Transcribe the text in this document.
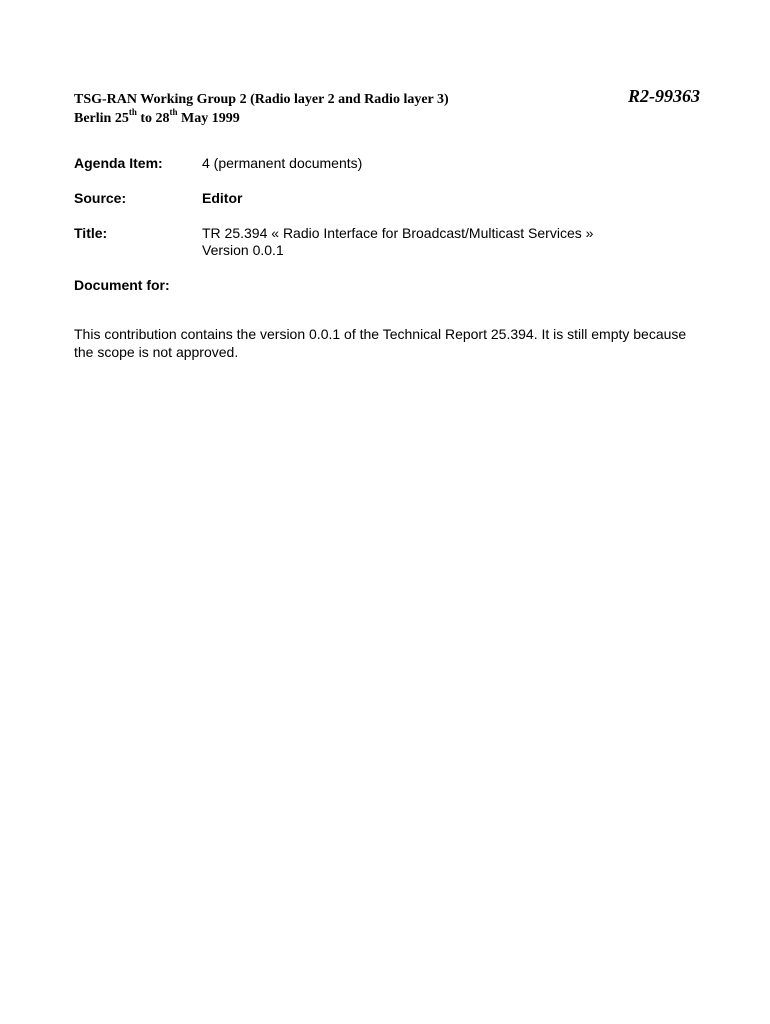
TSG-RAN Working Group 2 (Radio layer 2 and Radio layer 3)
Berlin 25th to 28th May 1999
R2-99363
Agenda Item:	4 (permanent documents)
Source:	Editor
Title:	TR 25.394 « Radio Interface for Broadcast/Multicast Services »
Version 0.0.1
Document for:
This contribution contains the version 0.0.1 of the Technical Report 25.394. It is still empty because the scope is not approved.
